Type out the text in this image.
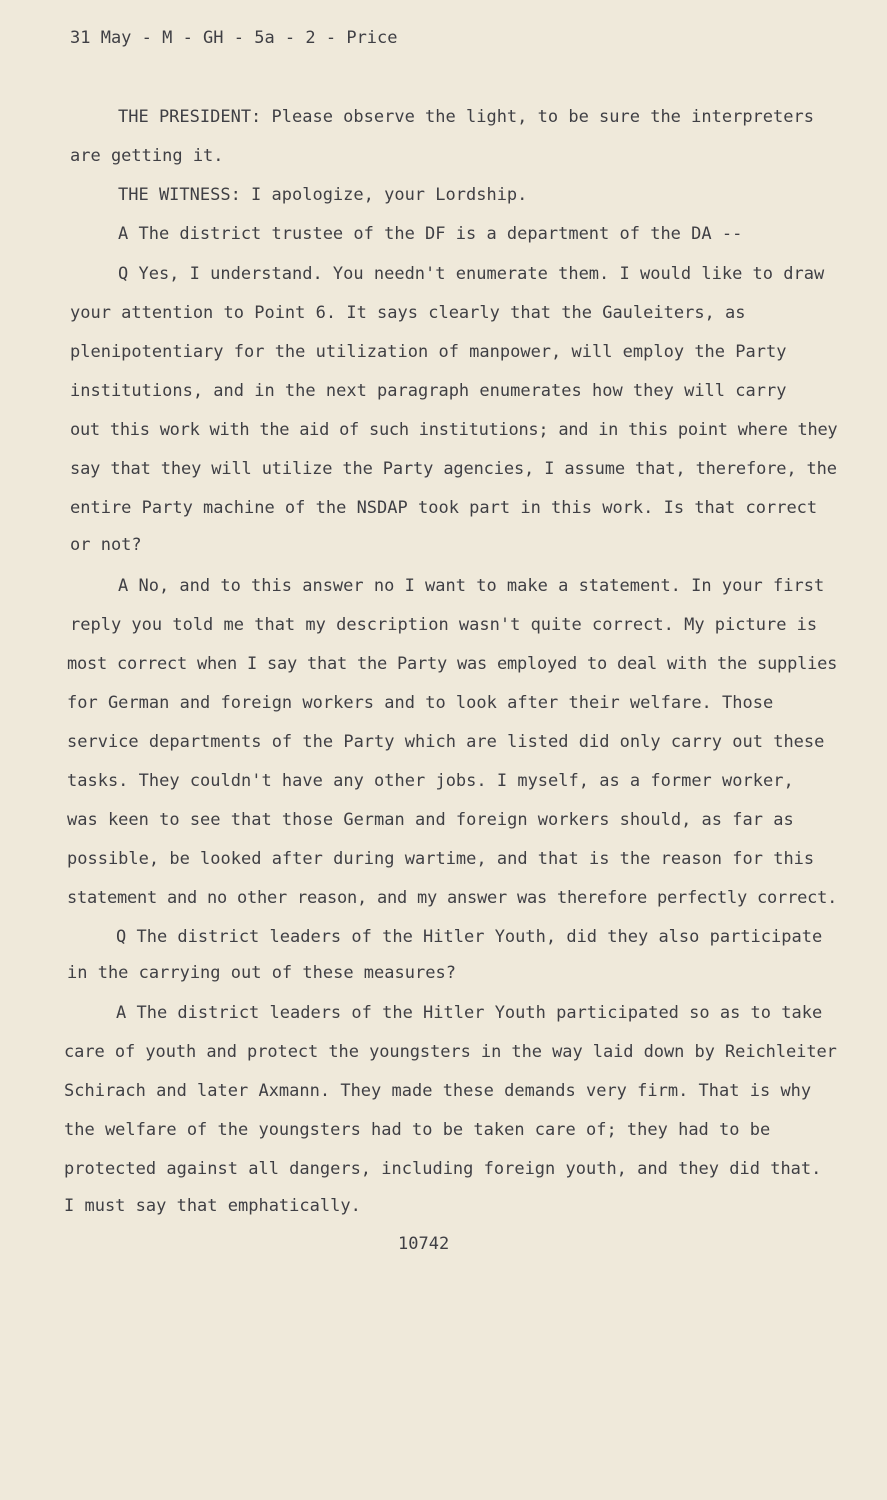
31 May - M - GH - 5a - 2 - Price
THE PRESIDENT: Please observe the light, to be sure the interpreters
are getting it.
THE WITNESS: I apologize, your Lordship.
A The district trustee of the DF is a department of the DA --
Q Yes, I understand. You needn't enumerate them. I would like to draw
your attention to Point 6. It says clearly that the Gauleiters, as
plenipotentiary for the utilization of manpower, will employ the Party
institutions, and in the next paragraph enumerates how they will carry
out this work with the aid of such institutions; and in this point where they
say that they will utilize the Party agencies, I assume that, therefore, the
entire Party machine of the NSDAP took part in this work. Is that correct
or not?
A No, and to this answer no I want to make a statement. In your first
reply you told me that my description wasn't quite correct. My picture is
most correct when I say that the Party was employed to deal with the supplies
for German and foreign workers and to look after their welfare. Those
service departments of the Party which are listed did only carry out these
tasks. They couldn't have any other jobs. I myself, as a former worker,
was keen to see that those German and foreign workers should, as far as
possible, be looked after during wartime, and that is the reason for this
statement and no other reason, and my answer was therefore perfectly correct.
Q The district leaders of the Hitler Youth, did they also participate
in the carrying out of these measures?
A The district leaders of the Hitler Youth participated so as to take
care of youth and protect the youngsters in the way laid down by Reichleiter
Schirach and later Axmann. They made these demands very firm. That is why
the welfare of the youngsters had to be taken care of; they had to be
protected against all dangers, including foreign youth, and they did that.
I must say that emphatically.
10742
